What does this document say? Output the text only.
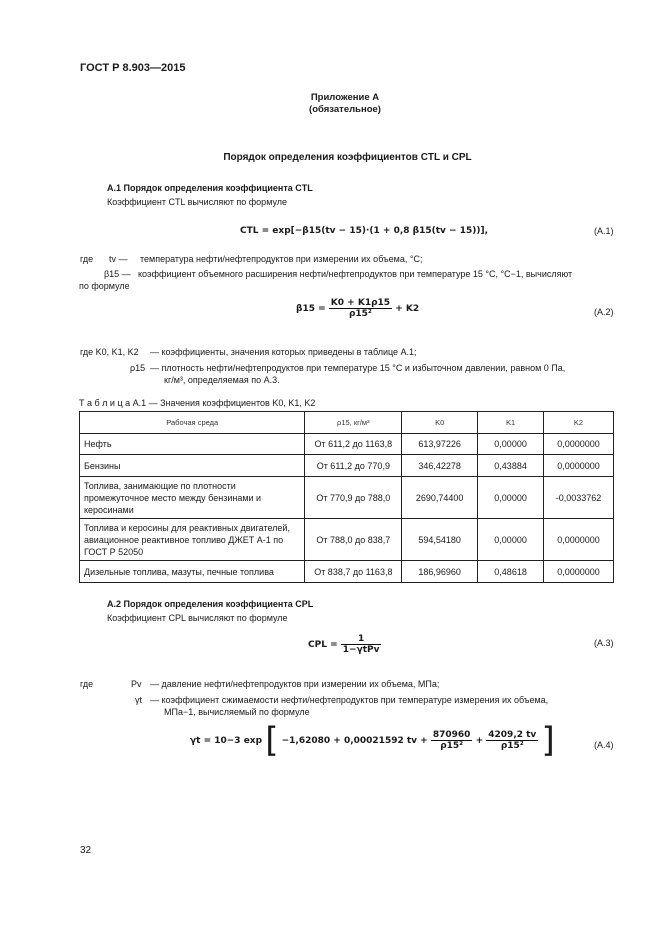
ГОСТ Р 8.903—2015
Приложение А
(обязательное)
Порядок определения коэффициентов CTL и CPL
А.1 Порядок определения коэффициента CTL
Коэффициент CTL вычисляют по формуле
CTL = exp[−β15(tv − 15)·(1 + 0,8 β15(tv − 15))],	(А.1)
где tv — температура нефти/нефтепродуктов при измерении их объема, °С;
β15 — коэффициент объемного расширения нефти/нефтепродуктов при температуре 15 °С, °С−1, вычисляют
по формуле
$\beta 15 = \frac{K0 + K1\rho 15}{\text{ρ15²}} + K2$	(А.2)
где K0, K1, K2 — коэффициенты, значения которых приведены в таблице А.1;
ρ15 — плотность нефти/нефтепродуктов при температуре 15 °С и избыточном давлении, равном 0 Па,
кг/м³, определяемая по А.3.
Т а б л и ц а А.1 — Значения коэффициентов K0, K1, K2
Рабочая среда	ρ15, кг/м³	K0	K1	K2
Нефть	От 611,2 до 1163,8	613,97226	0,00000	0,0000000
Бензины	От 611,2 до 770,9	346,42278	0,43884	0,0000000
Топлива, занимающие по плотности промежуточное место между бензинами и керосинами	От 770,9 до 788,0	2690,74400	0,00000	-0,0033762
Топлива и керосины для реактивных двигателей, авиационное реактивное топливо ДЖЕТ А-1 по ГОСТ Р 52050	От 788,0 до 838,7	594,54180	0,00000	0,0000000
Дизельные топлива, мазуты, печные топлива	От 838,7 до 1163,8	186,96960	0,48618	0,0000000
А.2 Порядок определения коэффициента CPL
Коэффициент CPL вычисляют по формуле
CPL = $\frac{1}{\text{1−γtPv}}$	(А.3)
где	Pv — давление нефти/нефтепродуктов при измерении их объема, МПа;
γt — коэффициент сжимаемости нефти/нефтепродуктов при температуре измерения их объема,
МПа−1, вычисляемый по формуле
γt = 10−3 exp [ −1,62080 + 0,00021592 tv + $\frac{870960}{\text{ρ15²}} + \frac{4209,2 tv}{\text{ρ15²}}$ ]	(А.4)
32
